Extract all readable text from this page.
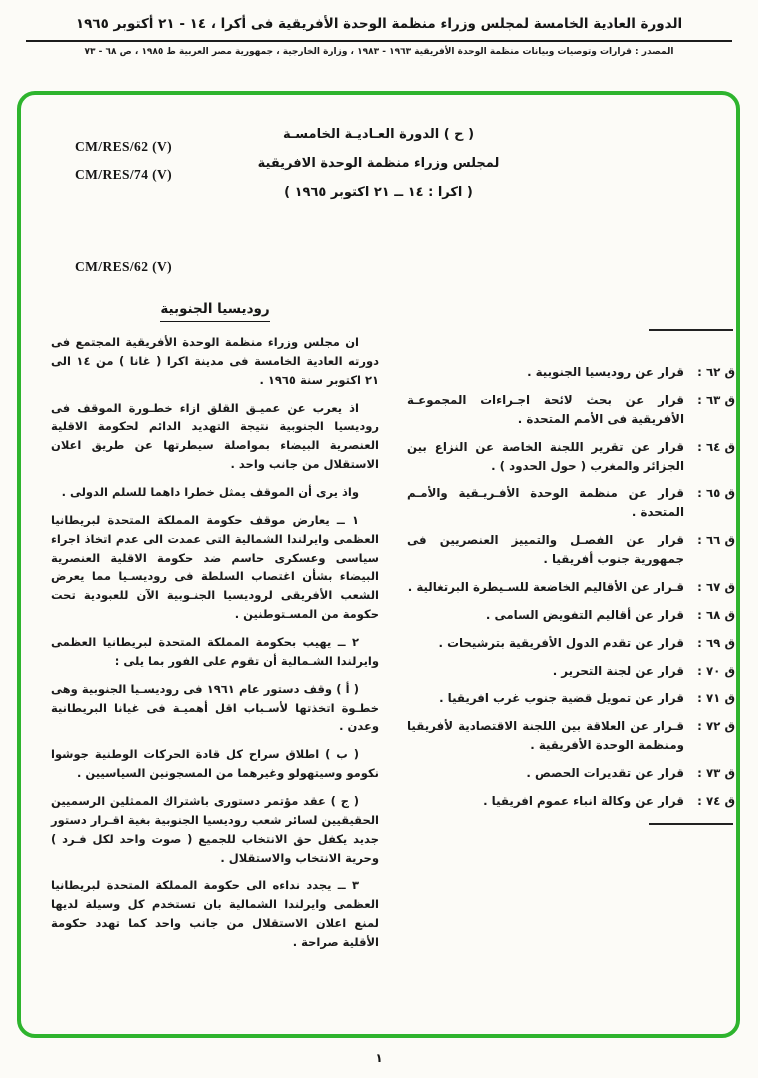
الدورة العادية الخامسة لمجلس وزراء منظمة الوحدة الأفريقية فى أكرا ، ١٤ - ٢١ أكتوبر ١٩٦٥
المصدر : قرارات وتوصيات وبيانات منظمة الوحدة الأفريقية ١٩٦٣ - ١٩٨٣ ، وزارة الخارجية ، جمهورية مصر العربية ط ١٩٨٥ ، ص ٦٨ - ٧٣
CM/RES/62 (V)
CM/RES/74 (V)
( ح ) الدورة العـاديـة الخامسـة
لمجلس وزراء منظمة الوحدة الافريقية
( اكرا : ١٤ ــ ٢١ اكتوبر ١٩٦٥ )
CM/RES/62 (V)
روديسيا الجنوبية

ان مجلس وزراء منظمة الوحدة الأفريقية المجتمع فى دورته العادية الخامسة فى مدينة اكرا ( غانا ) من ١٤ الى ٢١ اكتوبر سنة ١٩٦٥ .

اذ يعرب عن عميـق القلق ازاء خطـورة الموقف فى روديسيا الجنوبية نتيجة التهديد الدائم لحكومة الاقلية العنصرية البيضاء بمواصلة سيطرتها عن طريق اعلان الاستقلال من جانب واحد .

واذ يرى أن الموقف يمثل خطرا داهما للسلم الدولى .

١ ــ يعارض موقف حكومة المملكة المتحدة لبريطانيا العظمى وايرلندا الشمالية التى عمدت الى عدم اتخاذ اجراء سياسى وعسكرى حاسم ضد حكومة الاقلية العنصرية البيضاء بشأن اغتصاب السلطة فى روديسـيا مما يعرض الشعب الأفريقى لروديسيا الجنـوبية الآن للعبودية تحت حكومة من المسـتوطنين .

٢ ــ يهيب بحكومة المملكة المتحدة لبريطانيا العظمى وايرلندا الشـمالية أن تقوم على الفور بما يلى :

( أ ) وقف دستور عام ١٩٦١ فى روديسـيا الجنوبية وهى خطـوة اتخذتها لأسـباب اقل أهميـة فى غيانا البريطانية وعدن .

( ب ) اطلاق سراح كل قادة الحركات الوطنية جوشوا نكومو وسيتهولو وغيرهما من المسجونين السياسيين .

( ج ) عقد مؤتمر دستورى باشتراك الممثلين الرسميين الحقيقيين لسائر شعب روديسيا الجنوبية بغية اقـرار دستور جديد يكفل حق الانتخاب للجميع ( صوت واحد لكل فـرد ) وحرية الانتخاب والاستقلال .

٣ ــ يجدد نداءه الى حكومة المملكة المتحدة لبريطانيا العظمى وايرلندا الشمالية بان تستخدم كل وسيلة لديها لمنع اعلان الاستقلال من جانب واحد كما تهدد حكومة الأقلية صراحة .

ق ٦٢ :
قرار عن روديسيا الجنوبية .
ق ٦٣ :
قرار عن بحث لائحة اجـراءات المجموعـة الأفريقية فى الأمم المتحدة .
ق ٦٤ :
قرار عن تقرير اللجنة الخاصة عن النزاع بين الجزائر والمغرب ( حول الحدود ) .
ق ٦٥ :
قرار عن منظمة الوحدة الأفـريـقية والأمـم المتحدة .
ق ٦٦ :
قرار عن الفصـل والتمييز العنصريين فى جمهورية جنوب أفريقيا .
ق ٦٧ :
قـرار عن الأقاليم الخاضعة للسـيطرة البرتغالية .
ق ٦٨ :
قرار عن أقاليم التفويض السامى .
ق ٦٩ :
قرار عن تقدم الدول الأفريقية بترشيحات .
ق ٧٠ :
قرار عن لجنة التحرير .
ق ٧١ :
قرار عن تمويل قضية جنوب غرب افريقيا .
ق ٧٢ :
قـرار عن العلاقة بين اللجنة الاقتصادية لأفريقيا ومنظمة الوحدة الأفريقية .
ق ٧٣ :
قرار عن تقديرات الحصص .
ق ٧٤ :
قرار عن وكالة انباء عموم افريقيا .
١
